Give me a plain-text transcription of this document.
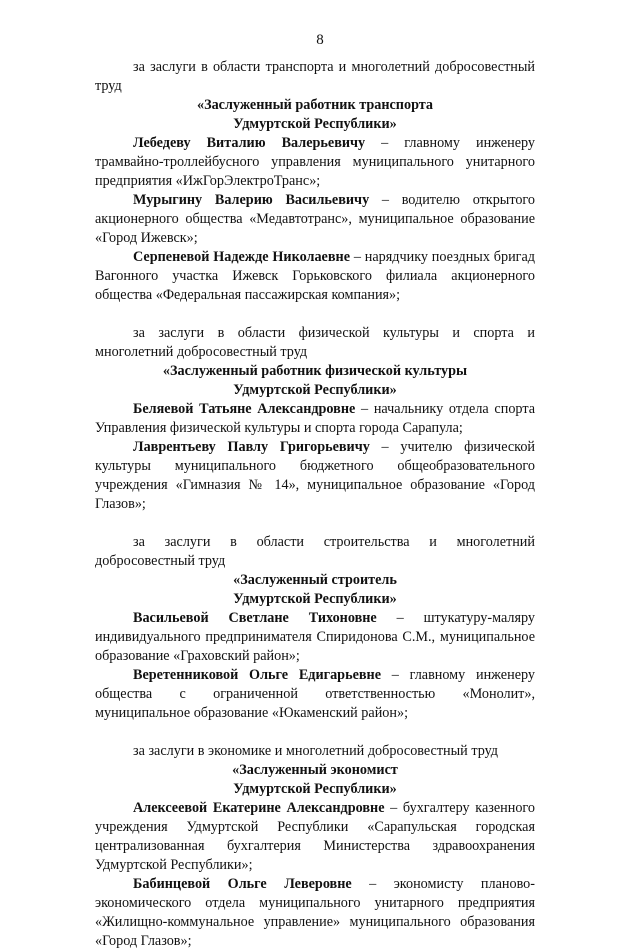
8

за заслуги в области транспорта и многолетний добросовестный труд

«Заслуженный работник транспорта

Удмуртской Республики»

Лебедеву Виталию Валерьевичу – главному инженеру трамвайно-троллейбусного управления муниципального унитарного предприятия «ИжГорЭлектроТранс»;

Мурыгину Валерию Васильевичу – водителю открытого акционерного общества «Медавтотранс», муниципальное образование «Город Ижевск»;

Серпеневой Надежде Николаевне – нарядчику поездных бригад Вагонного участка Ижевск Горьковского филиала акционерного общества «Федеральная пассажирская компания»;

за заслуги в области физической культуры и спорта и многолетний добросовестный труд

«Заслуженный работник физической культуры

Удмуртской Республики»

Беляевой Татьяне Александровне – начальнику отдела спорта Управления физической культуры и спорта города Сарапула;

Лаврентьеву Павлу Григорьевичу – учителю физической культуры муниципального бюджетного общеобразовательного учреждения «Гимназия № 14», муниципальное образование «Город Глазов»;

за заслуги в области строительства и многолетний добросовестный труд

«Заслуженный строитель

Удмуртской Республики»

Васильевой Светлане Тихоновне – штукатуру-маляру индивидуального предпринимателя Спиридонова С.М., муниципальное образование «Граховский район»;

Веретенниковой Ольге Едигарьевне – главному инженеру общества с ограниченной ответственностью «Монолит», муниципальное образование «Юкаменский район»;

за заслуги в экономике и многолетний добросовестный труд

«Заслуженный экономист

Удмуртской Республики»

Алексеевой Екатерине Александровне – бухгалтеру казенного учреждения Удмуртской Республики «Сарапульская городская централизованная бухгалтерия Министерства здравоохранения Удмуртской Республики»;

Бабинцевой Ольге Леверовне – экономисту планово-экономического отдела муниципального унитарного предприятия «Жилищно-коммунальное управление» муниципального образования «Город Глазов»;
